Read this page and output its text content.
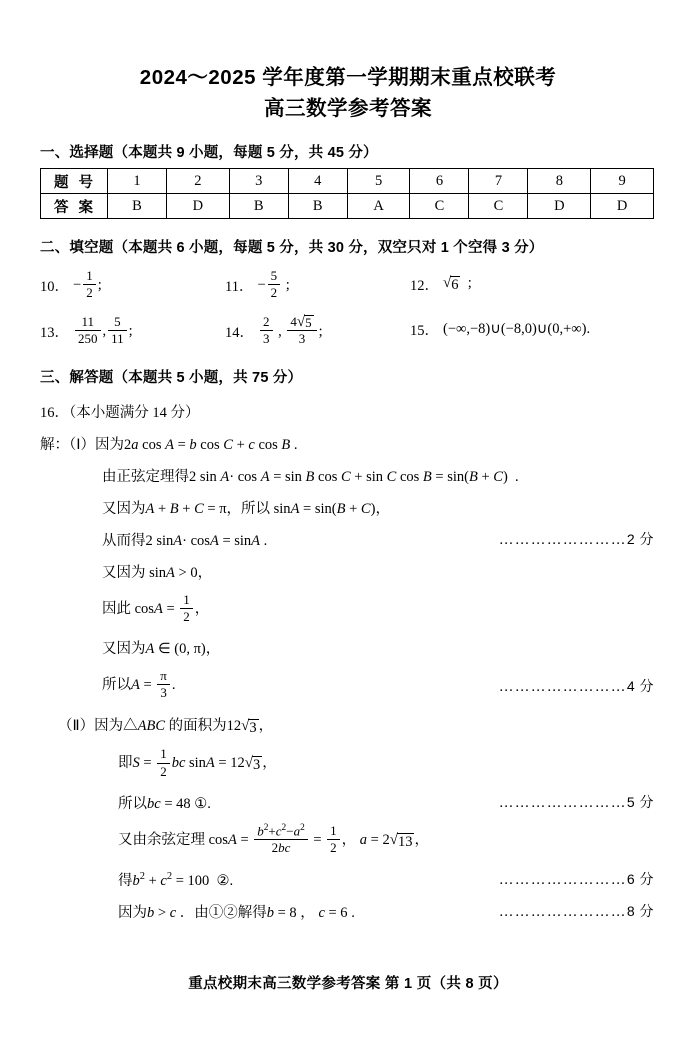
2024～2025 学年度第一学期期末重点校联考
高三数学参考答案
一、选择题（本题共 9 小题，每题 5 分，共 45 分）
题 号	1	2	3	4	5	6	7	8	9
答 案	B	D	B	B	A	C	C	D	D
二、填空题（本题共 6 小题，每题 5 分，共 30 分，双空只对 1 个空得 3 分）
10． − $\frac{1}{2}$ ;	11． − $\frac{5}{2}$ ;	12． √ 6 ;
13． $\frac{11}{250}$ , $\frac{5}{11}$ ;	14． $\frac{2}{3}$ , $\frac{4 √ 5}{3}$ ;	15． (−∞,−8)∪(−8,0)∪(0,+∞).
三、解答题（本题共 5 小题，共 75 分）
16．（本小题满分 14 分）
解：（Ⅰ）因为2a cos A = b cos C + c cos B .
由正弦定理得2 sin A· cos A = sin B cos C + sin C cos B = sin(B + C)  .
又因为A + B + C = π，所以 sinA = sin(B + C)，
从而得2 sinA· cosA = sinA .	……………………2 分
又因为 sinA > 0，
因此 $\cos A = \frac{1}{2}$ ，
又因为A ∈ (0, π)，
所以$A = \frac{\pi}{3}$ .	……………………4 分
（Ⅱ）因为△ABC 的面积为12 √ 3 ，
即$S = \frac{1}{2}$ bc sinA = 12 √ 3 ，
所以bc = 48 ①.	……………………5 分
又由余弦定理 $\cos A = \frac{b^2+c^2-a^2}{2bc} = \frac{1}{2}$ ， a = 2 √ 13 ，
得$b^2 + c^2 = 100$  ②.	……………………6 分
因为b > c ．由①②解得b = 8 ， c = 6 .	……………………8 分
重点校期末高三数学参考答案 第 1 页（共 8 页）
